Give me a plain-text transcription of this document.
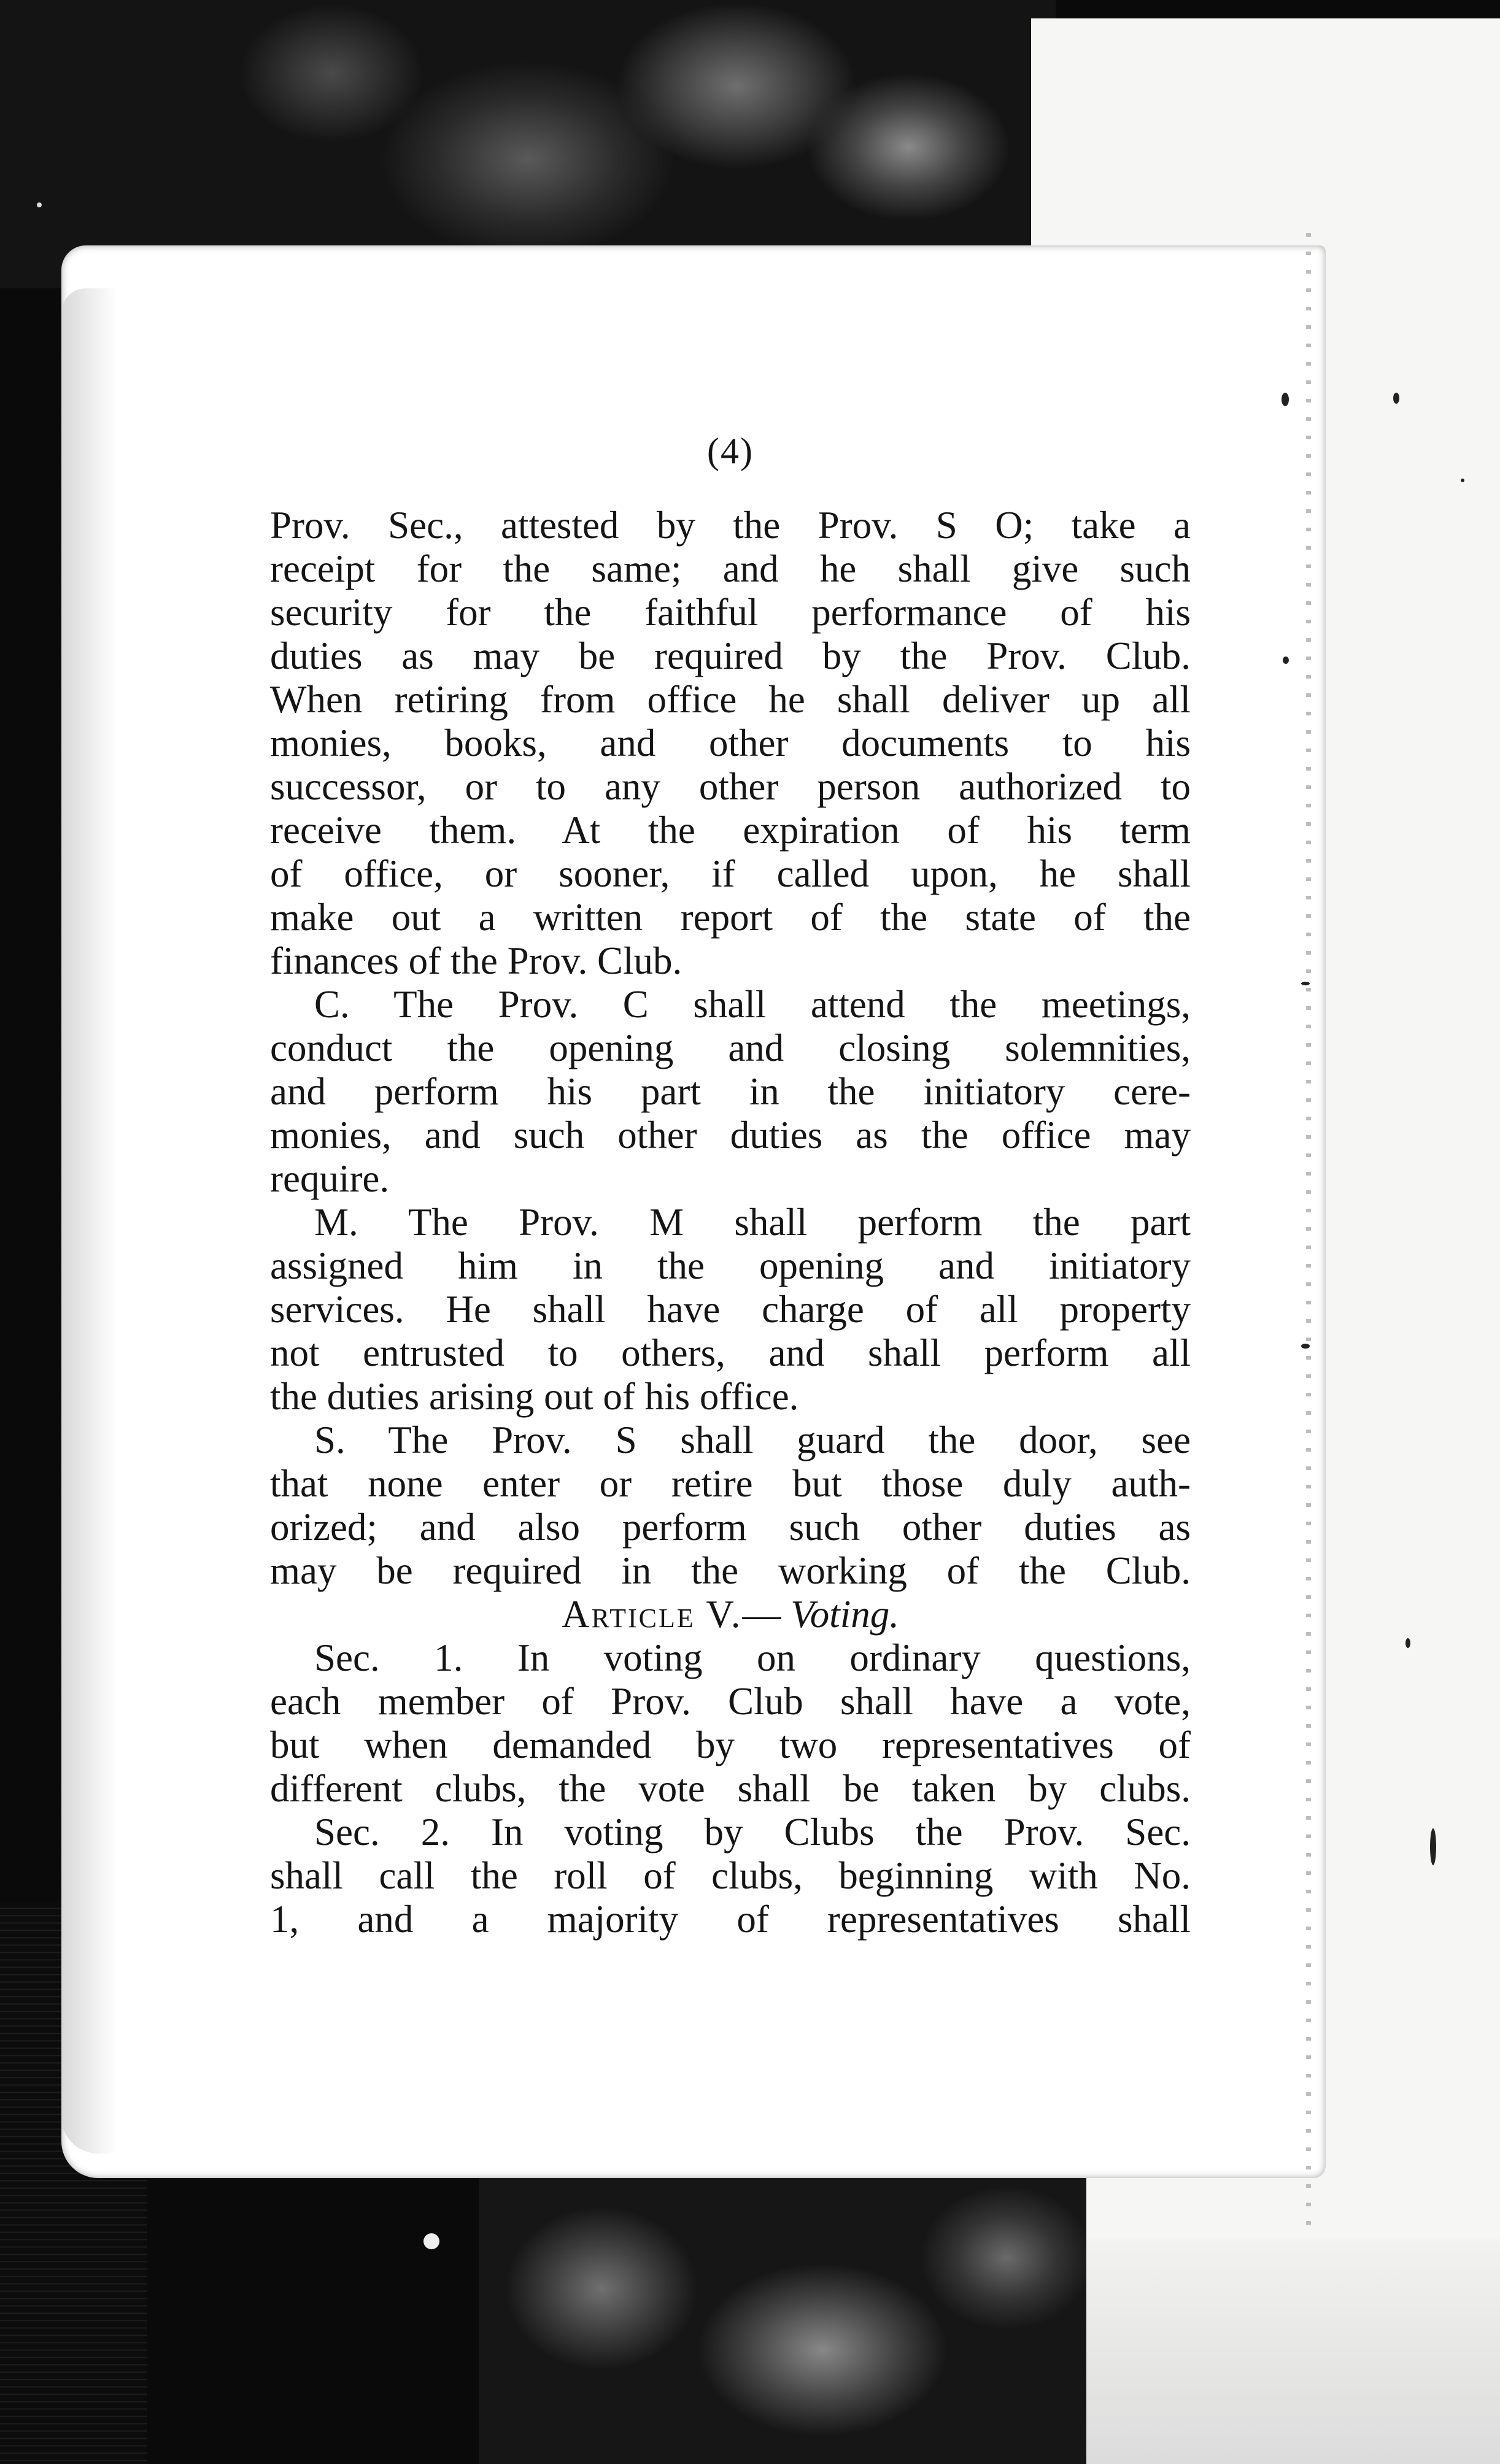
(4)
Prov. Sec., attested by the Prov. S O; take a
receipt for the same; and he shall give such
security for the faithful performance of his
duties as may be required by the Prov. Club.
When retiring from office he shall deliver up all
monies, books, and other documents to his
successor, or to any other person authorized to
receive them. At the expiration of his term
of office, or sooner, if called upon, he shall
make out a written report of the state of the
finances of the Prov. Club.
C. The Prov. C shall attend the meetings,
conduct the opening and closing solemnities,
and perform his part in the initiatory cere-
monies, and such other duties as the office may
require.
M. The Prov. M shall perform the part
assigned him in the opening and initiatory
services. He shall have charge of all property
not entrusted to others, and shall perform all
the duties arising out of his office.
S. The Prov. S shall guard the door, see
that none enter or retire but those duly auth-
orized; and also perform such other duties as
may be required in the working of the Club.
Article V.— Voting.
Sec. 1. In voting on ordinary questions,
each member of Prov. Club shall have a vote,
but when demanded by two representatives of
different clubs, the vote shall be taken by clubs.
Sec. 2. In voting by Clubs the Prov. Sec.
shall call the roll of clubs, beginning with No.
1, and a majority of representatives shall
